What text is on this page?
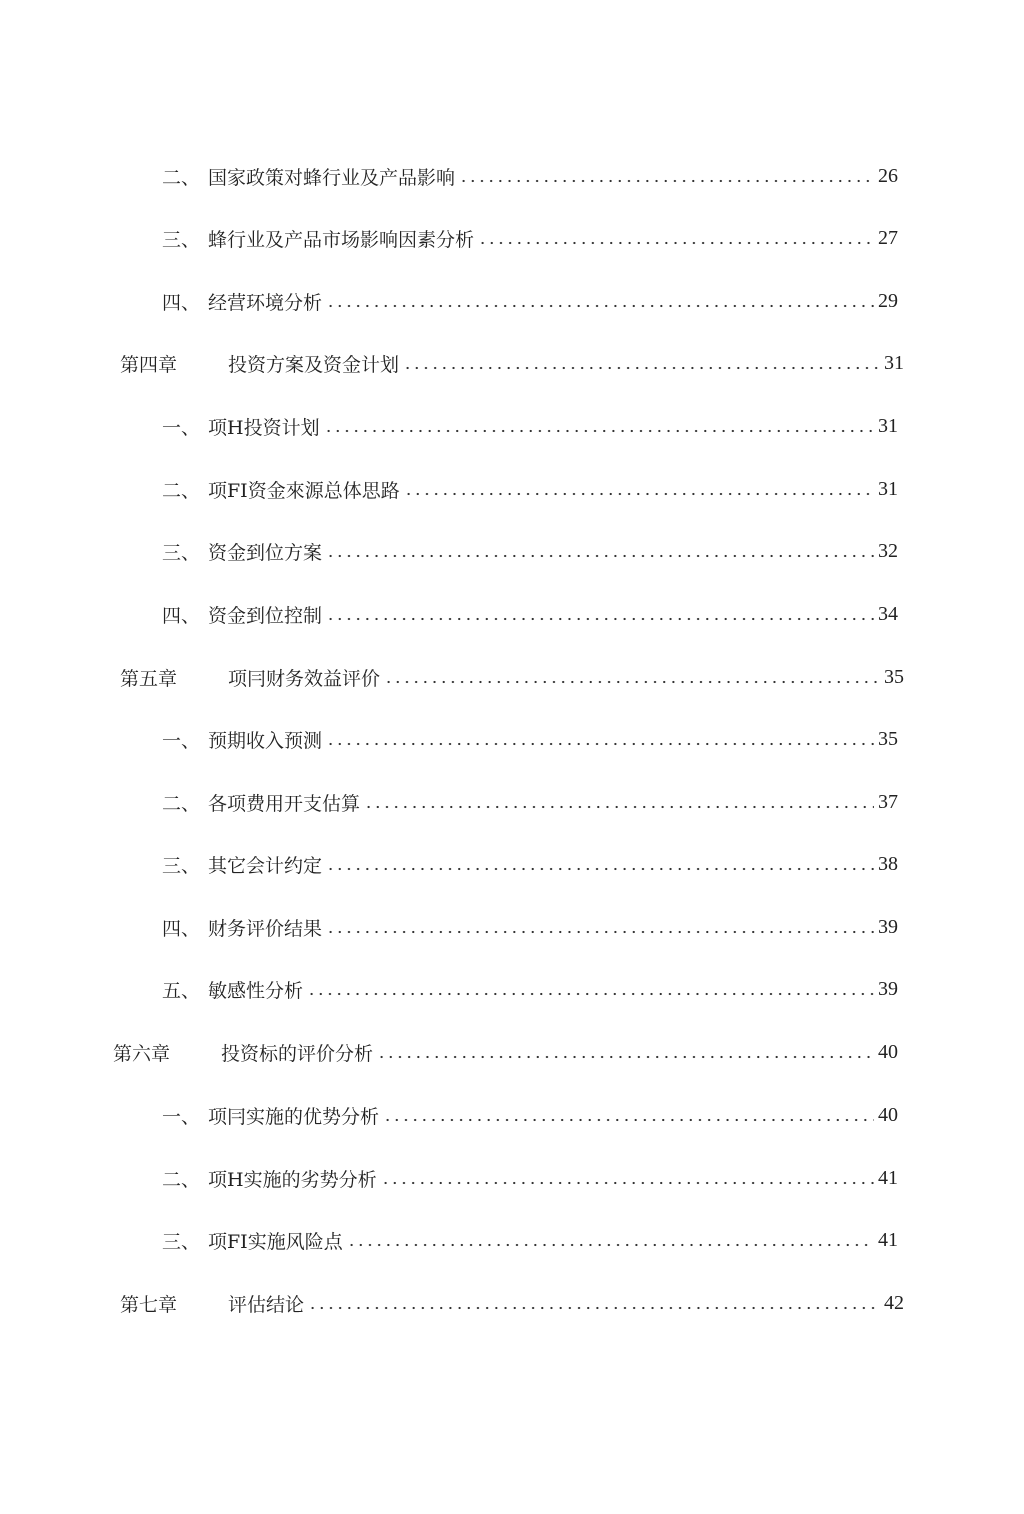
二、 国家政策对蜂行业及产品影响	26
三、 蜂行业及产品市场影响因素分析	27
四、 经营环境分析	29
第四章	投资方案及资金计划	31
一、 项H投资计划	31
二、 项FI资金來源总体思路	31
三、 资金到位方案	32
四、 资金到位控制	34
第五章	项冃财务效益评价	35
一、 预期收入预测	35
二、 各项费用开支估算	37
三、 其它会计约定	38
四、 财务评价结果	39
五、 敏感性分析	39
第六章	投资标的评价分析	40
一、 项冃实施的优势分析	40
二、 项H实施的劣势分析	41
三、 项FI实施风险点	41
第七章	评估结论	42
